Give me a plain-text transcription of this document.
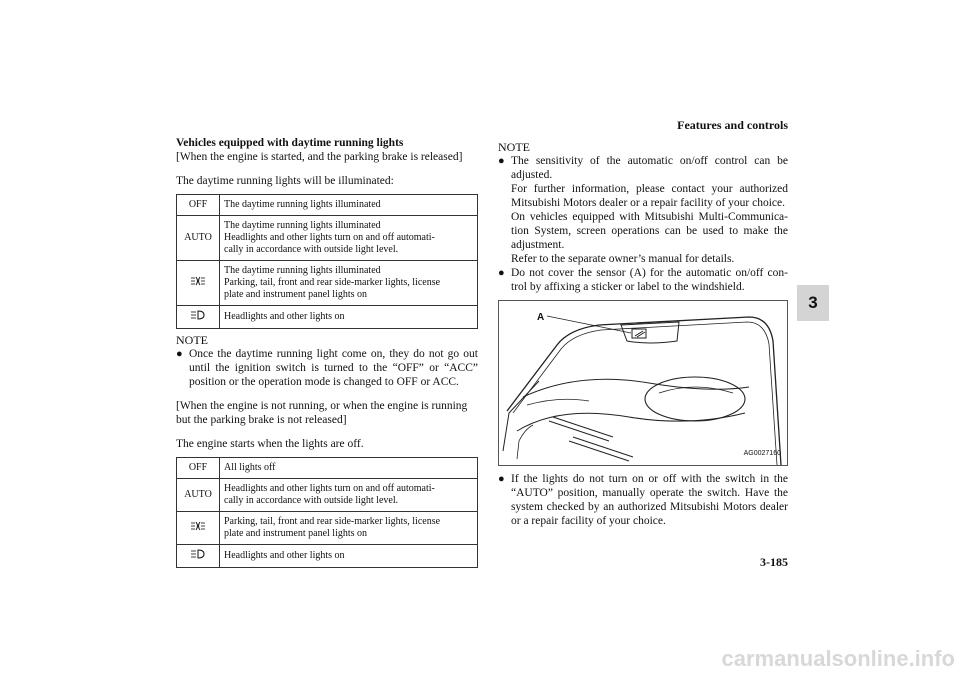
Features and controls
3
3-185
carmanualsonline.info

Vehicles equipped with daytime running lights

[When the engine is started, and the parking brake is released]

The daytime running lights will be illuminated:

OFF	The daytime running lights illuminated
AUTO	The daytime running lights illuminated
Headlights and other lights turn on and off automati-
cally in accordance with outside light level.
	The daytime running lights illuminated
Parking, tail, front and rear side-marker lights, license
plate and instrument panel lights on
	Headlights and other lights on
NOTE
● Once the daytime running light come on, they do not go out until the ignition switch is turned to the “OFF” or “ACC” position or the operation mode is changed to OFF or ACC.

[When the engine is not running, or when the engine is running but the parking brake is not released]

The engine starts when the lights are off.

OFF	All lights off
AUTO	Headlights and other lights turn on and off automati-
cally in accordance with outside light level.
	Parking, tail, front and rear side-marker lights, license
plate and instrument panel lights on
	Headlights and other lights on
NOTE
● The sensitivity of the automatic on/off control can be adjusted.
For further information, please contact your authorized Mitsubishi Motors dealer or a repair facility of your choice.
On vehicles equipped with Mitsubishi Multi-Communica-tion System, screen operations can be used to make the adjustment.
Refer to the separate owner’s manual for details.
● Do not cover the sensor (A) for the automatic on/off con-trol by affixing a sticker or label to the windshield.
A
AG0027160
● If the lights do not turn on or off with the switch in the “AUTO” position, manually operate the switch. Have the system checked by an authorized Mitsubishi Motors dealer or a repair facility of your choice.
